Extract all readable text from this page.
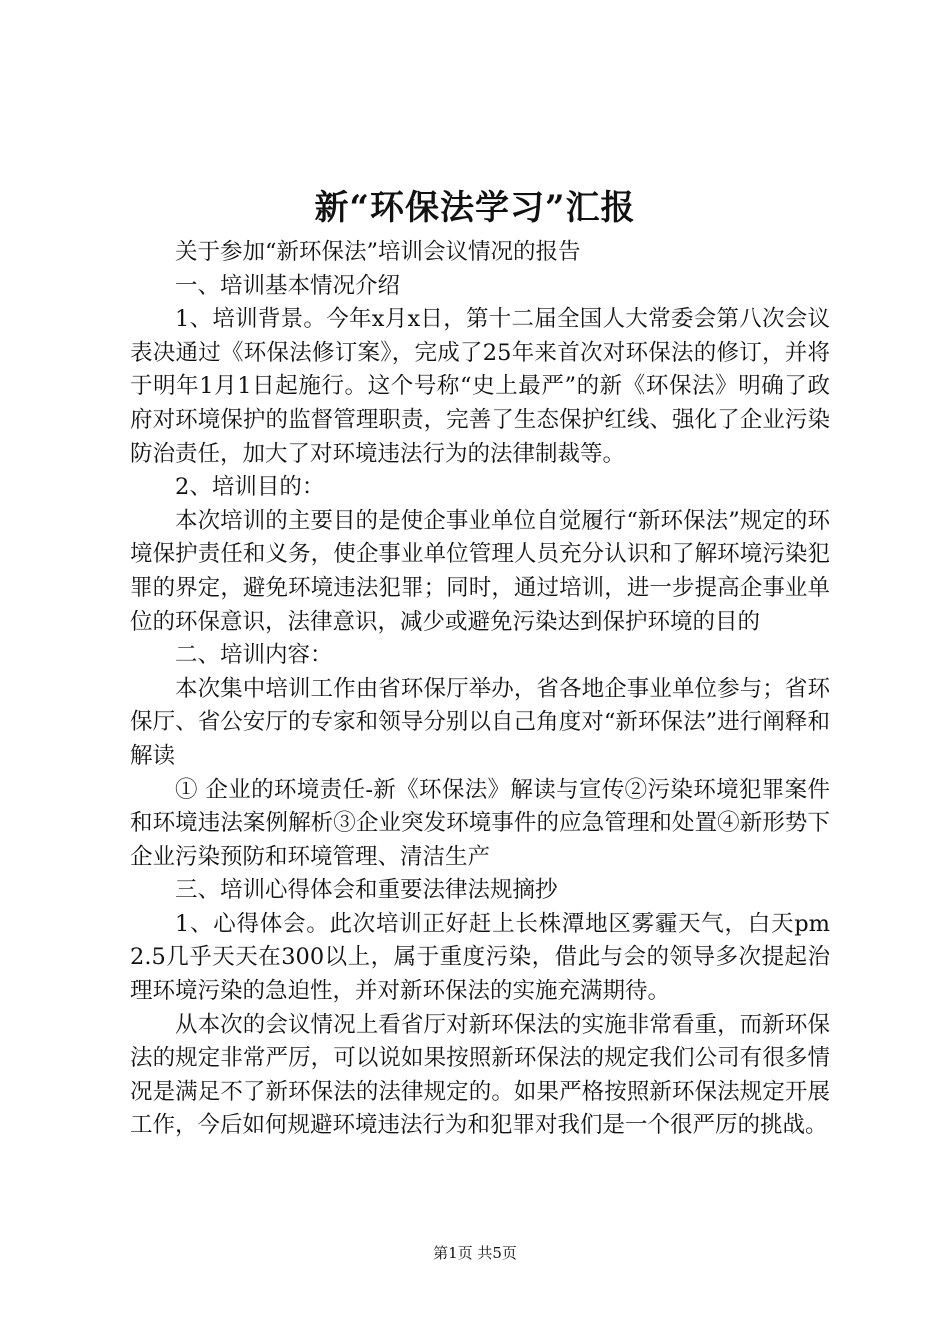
新“环保法学习”汇报

关于参加“新环保法”培训会议情况的报告

一、培训基本情况介绍

1、培训背景。今年x月x日，第十二届全国人大常委会第八次会议表决通过《环保法修订案》，完成了25年来首次对环保法的修订，并将于明年1月1日起施行。这个号称“史上最严”的新《环保法》明确了政府对环境保护的监督管理职责，完善了生态保护红线、强化了企业污染防治责任，加大了对环境违法行为的法律制裁等。

2、培训目的：

本次培训的主要目的是使企事业单位自觉履行“新环保法”规定的环境保护责任和义务，使企事业单位管理人员充分认识和了解环境污染犯罪的界定，避免环境违法犯罪；同时，通过培训，进一步提高企事业单位的环保意识，法律意识，减少或避免污染达到保护环境的目的

二、培训内容：

本次集中培训工作由省环保厅举办，省各地企事业单位参与；省环保厅、省公安厅的专家和领导分别以自己角度对“新环保法”进行阐释和解读

① 企业的环境责任-新《环保法》解读与宣传②污染环境犯罪案件和环境违法案例解析③企业突发环境事件的应急管理和处置④新形势下企业污染预防和环境管理、清洁生产

三、培训心得体会和重要法律法规摘抄

1、心得体会。此次培训正好赶上长株潭地区雾霾天气，白天pm2.5几乎天天在300以上，属于重度污染，借此与会的领导多次提起治理环境污染的急迫性，并对新环保法的实施充满期待。

从本次的会议情况上看省厅对新环保法的实施非常看重，而新环保法的规定非常严厉，可以说如果按照新环保法的规定我们公司有很多情况是满足不了新环保法的法律规定的。如果严格按照新环保法规定开展工作，今后如何规避环境违法行为和犯罪对我们是一个很严厉的挑战。

第1页 共5页
